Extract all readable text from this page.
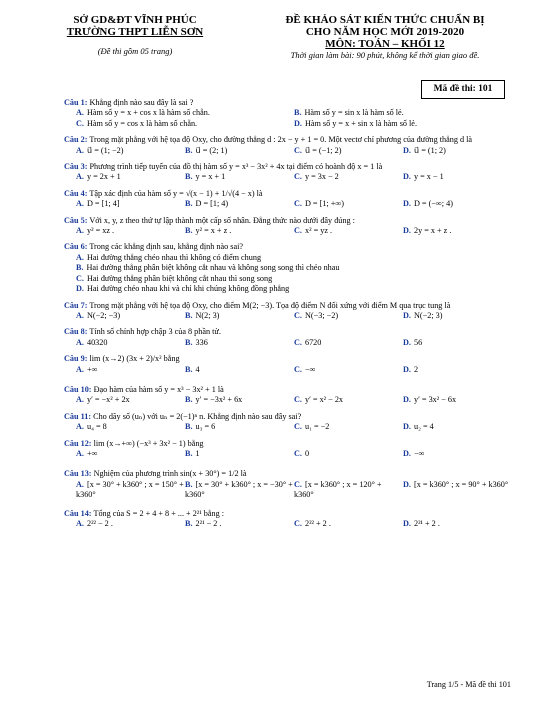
SỞ GD&ĐT VĨNH PHÚC
TRƯỜNG THPT LIỄN SƠN
(Đề thi gồm 05 trang)
ĐỀ KHẢO SÁT KIẾN THỨC CHUẨN BỊ
CHO NĂM HỌC MỚI 2019-2020
MÔN: TOÁN – KHỐI 12
Thời gian làm bài: 90 phút, không kể thời gian giao đề.
Mã đề thi: 101
Câu 1: Khẳng định nào sau đây là sai ?
A. Hàm số y = x + cos x là hàm số chẵn.	B. Hàm số y = sin x là hàm số lẻ.
C. Hàm số y = cos x là hàm số chẵn.	D. Hàm số y = x + sin x là hàm số lẻ.
Câu 2: Trong mặt phẳng với hệ tọa độ Oxy, cho đường thẳng d : 2x − y + 1 = 0. Một vectơ chỉ phương của đường thẳng d là
A. u⃗ = (1; −2)	B. u⃗ = (2; 1)	C. u⃗ = (−1; 2)	D. u⃗ = (1; 2)
Câu 3: Phương trình tiếp tuyến của đồ thị hàm số y = x³ − 3x² + 4x tại điểm có hoành độ x = 1 là
A. y = 2x + 1	B. y = x + 1	C. y = 3x − 2	D. y = x − 1
Câu 4: Tập xác định của hàm số y = √(x − 1) + 1/√(4 − x) là
A. D = [1; 4]	B. D = [1; 4)	C. D = [1; +∞)	D. D = (−∞; 4)
Câu 5: Với x, y, z theo thứ tự lập thành một cấp số nhân. Đẳng thức nào dưới đây đúng :
A. y² = xz .	B. y² = x + z .	C. x² = yz .	D. 2y = x + z .
Câu 6: Trong các khẳng định sau, khẳng định nào sai?
A. Hai đường thẳng chéo nhau thì không có điểm chung
B. Hai đường thẳng phân biệt không cắt nhau và không song song thì chéo nhau
C. Hai đường thẳng phân biệt không cắt nhau thì song song
D. Hai đường chéo nhau khi và chỉ khi chúng không đồng phẳng
Câu 7: Trong mặt phẳng với hệ tọa độ Oxy, cho điểm M(2; −3). Tọa độ điểm N đối xứng với điểm M qua trục tung là
A. N(−2; −3)	B. N(2; 3)	C. N(−3; −2)	D. N(−2; 3)
Câu 8: Tính số chỉnh hợp chập 3 của 8 phần tử.
A. 40320	B. 336	C. 6720	D. 56
Câu 9: lim (x→2) (3x + 2)/x² bằng
A. +∞	B. 4	C. −∞	D. 2
Câu 10: Đạo hàm của hàm số y = x³ − 3x² + 1 là
A. y′ = −x² + 2x	B. y′ = −3x² + 6x	C. y′ = x² − 2x	D. y′ = 3x² − 6x
Câu 11: Cho dãy số (uₙ) với uₙ = 2(−1)ⁿ n. Khẳng định nào sau đây sai?
A. u₄ = 8	B. u₃ = 6	C. u₁ = −2	D. u₂ = 4
Câu 12: lim (x→+∞) (−x³ + 3x² − 1) bằng
A. +∞	B. 1	C. 0	D. −∞
Câu 13: Nghiệm của phương trình sin(x + 30°) = 1/2 là
A. [x = 30° + k360° ; x = 150° + k360°
B. [x = 30° + k360° ; x = −30° + k360°
C. [x = k360° ; x = 120° + k360°
D. [x = k360° ; x = 90° + k360°
Câu 14: Tổng của S = 2 + 4 + 8 + ... + 2²¹ bằng :
A. 2²² − 2 .	B. 2²¹ − 2 .	C. 2²² + 2 .	D. 2²¹ + 2 .
Trang 1/5 - Mã đề thi 101
